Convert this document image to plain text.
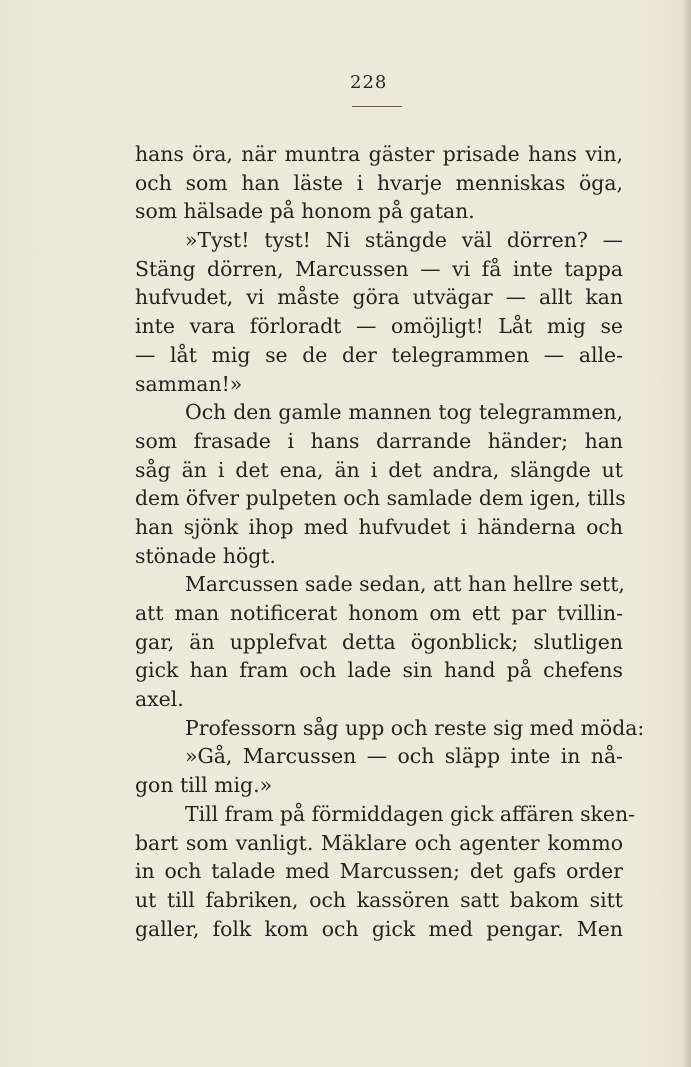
228
hans öra, när muntra gäster prisade hans vin,
och som han läste i hvarje menniskas öga,
som hälsade på honom på gatan.
»Tyst! tyst! Ni stängde väl dörren? —
Stäng dörren, Marcussen — vi få inte tappa
hufvudet, vi måste göra utvägar — allt kan
inte vara förloradt — omöjligt! Låt mig se
— låt mig se de der telegrammen — alle-
samman!»
Och den gamle mannen tog telegrammen,
som frasade i hans darrande händer; han
såg än i det ena, än i det andra, slängde ut
dem öfver pulpeten och samlade dem igen, tills
han sjönk ihop med hufvudet i händerna och
stönade högt.
Marcussen sade sedan, att han hellre sett,
att man notificerat honom om ett par tvillin-
gar, än upplefvat detta ögonblick; slutligen
gick han fram och lade sin hand på chefens
axel.
Professorn såg upp och reste sig med möda:
»Gå, Marcussen — och släpp inte in nå-
gon till mig.»
Till fram på förmiddagen gick affären sken-
bart som vanligt. Mäklare och agenter kommo
in och talade med Marcussen; det gafs order
ut till fabriken, och kassören satt bakom sitt
galler, folk kom och gick med pengar. Men
